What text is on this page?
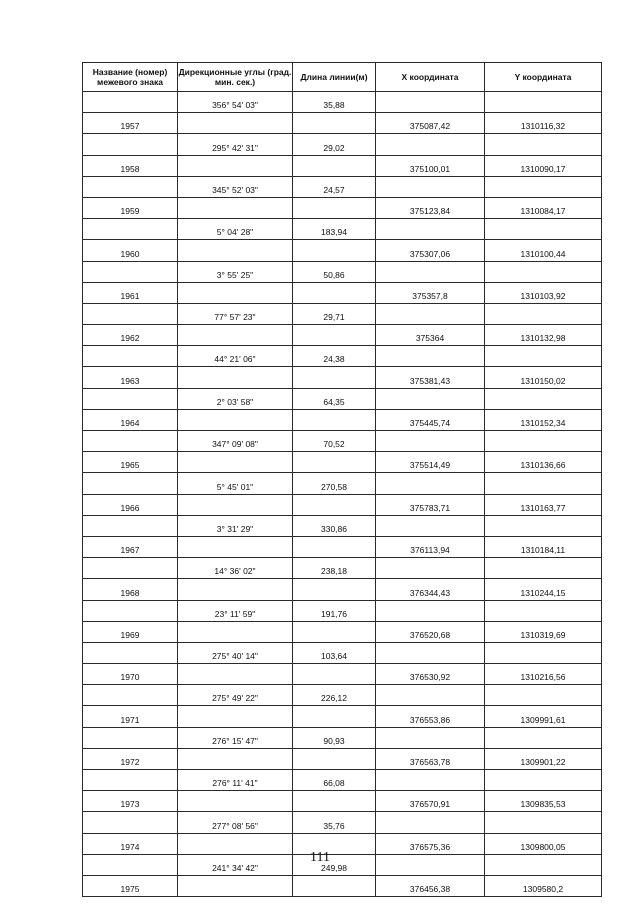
Название (номер) межевого знака	Дирекционные углы (град. мин. сек.)	Длина линии(м)	X координата	Y координата
	356° 54' 03"	35,88		
1957			375087,42	1310116,32
	295° 42' 31"	29,02		
1958			375100,01	1310090,17
	345° 52' 03"	24,57		
1959			375123,84	1310084,17
	5° 04' 28"	183,94		
1960			375307,06	1310100,44
	3° 55' 25"	50,86		
1961			375357,8	1310103,92
	77° 57' 23"	29,71		
1962			375364	1310132,98
	44° 21' 06"	24,38		
1963			375381,43	1310150,02
	2° 03' 58"	64,35		
1964			375445,74	1310152,34
	347° 09' 08"	70,52		
1965			375514,49	1310136,66
	5° 45' 01"	270,58		
1966			375783,71	1310163,77
	3° 31' 29"	330,86		
1967			376113,94	1310184,11
	14° 36' 02"	238,18		
1968			376344,43	1310244,15
	23° 11' 59"	191,76		
1969			376520,68	1310319,69
	275° 40' 14"	103,64		
1970			376530,92	1310216,56
	275° 49' 22"	226,12		
1971			376553,86	1309991,61
	276° 15' 47"	90,93		
1972			376563,78	1309901,22
	276° 11' 41"	66,08		
1973			376570,91	1309835,53
	277° 08' 56"	35,76		
1974			376575,36	1309800,05
	241° 34' 42"	249,98		
1975			376456,38	1309580,2
111
